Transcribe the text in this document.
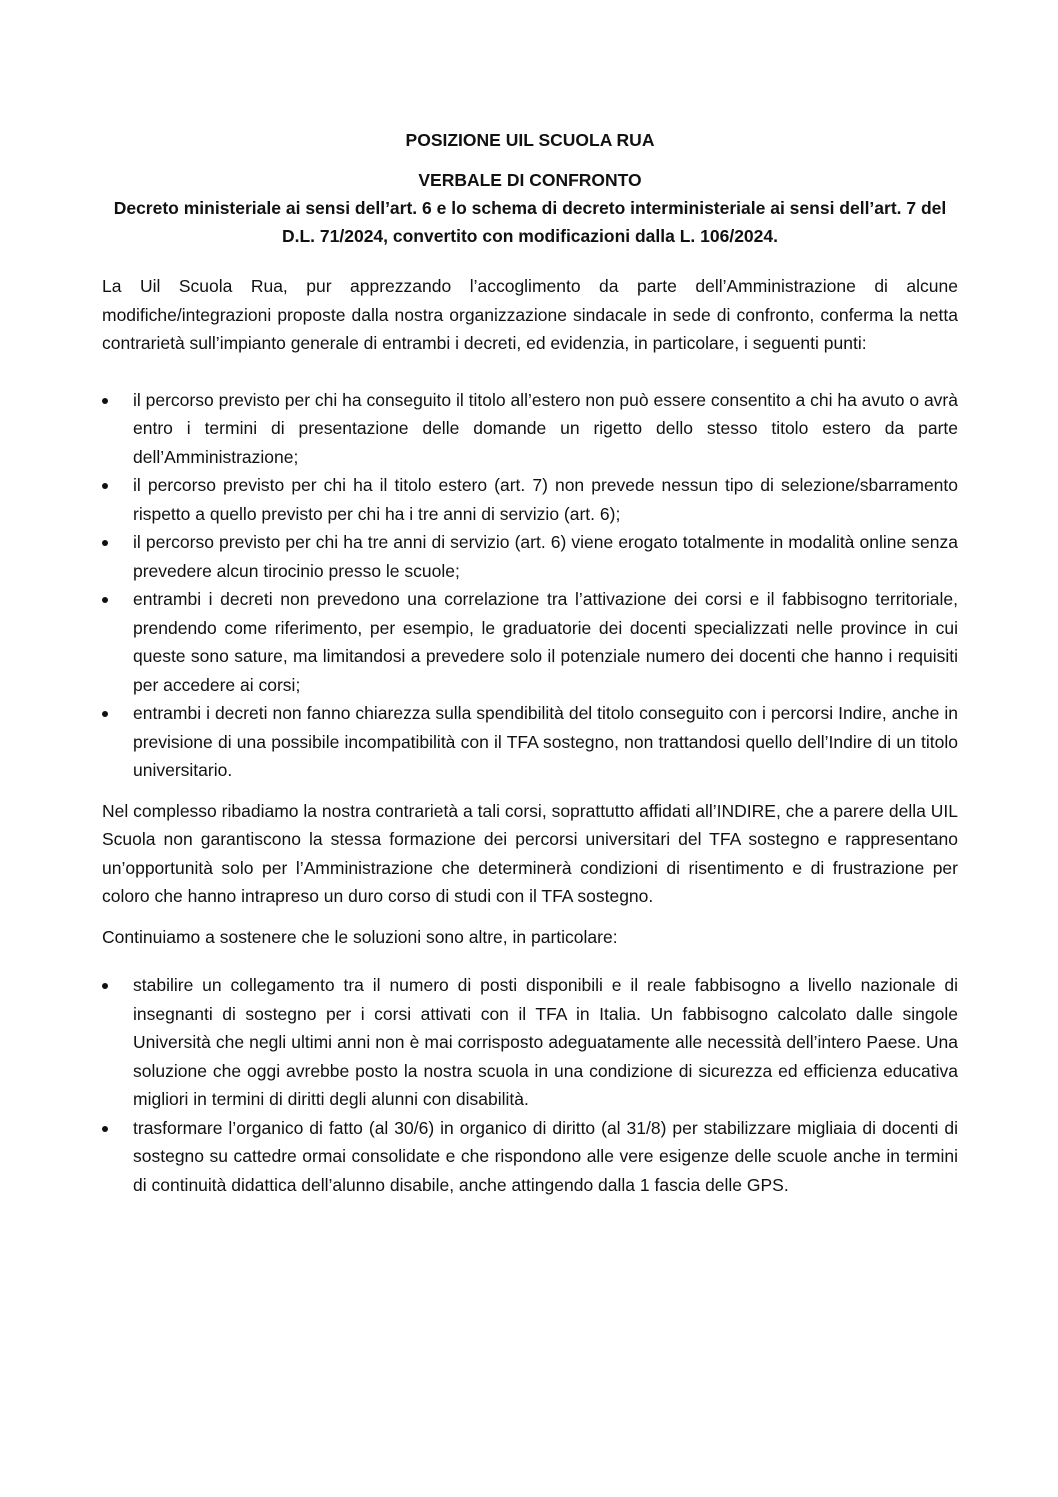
POSIZIONE UIL SCUOLA RUA
VERBALE DI CONFRONTO

Decreto ministeriale ai sensi dell’art. 6 e lo schema di decreto interministeriale ai sensi dell’art. 7 del D.L. 71/2024, convertito con modificazioni dalla L. 106/2024.

La Uil Scuola Rua, pur apprezzando l’accoglimento da parte dell’Amministrazione di alcune modifiche/integrazioni proposte dalla nostra organizzazione sindacale in sede di confronto, conferma la netta contrarietà sull’impianto generale di entrambi i decreti, ed evidenzia, in particolare, i seguenti punti:

il percorso previsto per chi ha conseguito il titolo all’estero non può essere consentito a chi ha avuto o avrà entro i termini di presentazione delle domande un rigetto dello stesso titolo estero da parte dell’Amministrazione;
il percorso previsto per chi ha il titolo estero (art. 7) non prevede nessun tipo di selezione/sbarramento rispetto a quello previsto per chi ha i tre anni di servizio (art. 6);
il percorso previsto per chi ha tre anni di servizio (art. 6) viene erogato totalmente in modalità online senza prevedere alcun tirocinio presso le scuole;
entrambi i decreti non prevedono una correlazione tra l’attivazione dei corsi e il fabbisogno territoriale, prendendo come riferimento, per esempio, le graduatorie dei docenti specializzati nelle province in cui queste sono sature, ma limitandosi a prevedere solo il potenziale numero dei docenti che hanno i requisiti per accedere ai corsi;
entrambi i decreti non fanno chiarezza sulla spendibilità del titolo conseguito con i percorsi Indire, anche in previsione di una possibile incompatibilità con il TFA sostegno, non trattandosi quello dell’Indire di un titolo universitario.

Nel complesso ribadiamo la nostra contrarietà a tali corsi, soprattutto affidati all’INDIRE, che a parere della UIL Scuola non garantiscono la stessa formazione dei percorsi universitari del TFA sostegno e rappresentano un’opportunità solo per l’Amministrazione che determinerà condizioni di risentimento e di frustrazione per coloro che hanno intrapreso un duro corso di studi con il TFA sostegno.

Continuiamo a sostenere che le soluzioni sono altre, in particolare:

stabilire un collegamento tra il numero di posti disponibili e il reale fabbisogno a livello nazionale di insegnanti di sostegno per i corsi attivati con il TFA in Italia. Un fabbisogno calcolato dalle singole Università che negli ultimi anni non è mai corrisposto adeguatamente alle necessità dell’intero Paese. Una soluzione che oggi avrebbe posto la nostra scuola in una condizione di sicurezza ed efficienza educativa migliori in termini di diritti degli alunni con disabilità.
trasformare l’organico di fatto (al 30/6) in organico di diritto (al 31/8) per stabilizzare migliaia di docenti di sostegno su cattedre ormai consolidate e che rispondono alle vere esigenze delle scuole anche in termini di continuità didattica dell’alunno disabile, anche attingendo dalla 1 fascia delle GPS.
